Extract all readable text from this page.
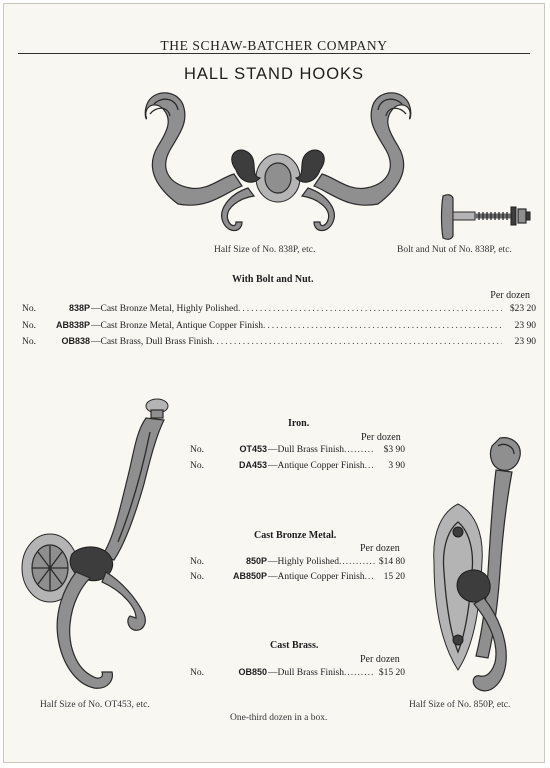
THE SCHAW-BATCHER COMPANY
HALL STAND HOOKS
Half Size of No. 838P, etc.	Bolt and Nut of No. 838P, etc.
With Bolt and Nut.
Per dozen
No.	838P —Cast Bronze Metal, Highly Polished .....	$23 20
No.	AB838P —Cast Bronze Metal, Antique Copper Finish .....	23 90
No.	OB838 —Cast Brass, Dull Brass Finish .....	23 90
Iron.
Per dozen
No.	OT453 —Dull Brass Finish .....	$3 90
No.	DA453 —Antique Copper Finish .....	3 90
Cast Bronze Metal.
Per dozen
No.	850P —Highly Polished .....	$14 80
No.	AB850P —Antique Copper Finish .....	15 20
Cast Brass.
Per dozen
No.	OB850 —Dull Brass Finish .....	$15 20
Half Size of No. OT453, etc.	Half Size of No. 850P, etc.
One-third dozen in a box.
